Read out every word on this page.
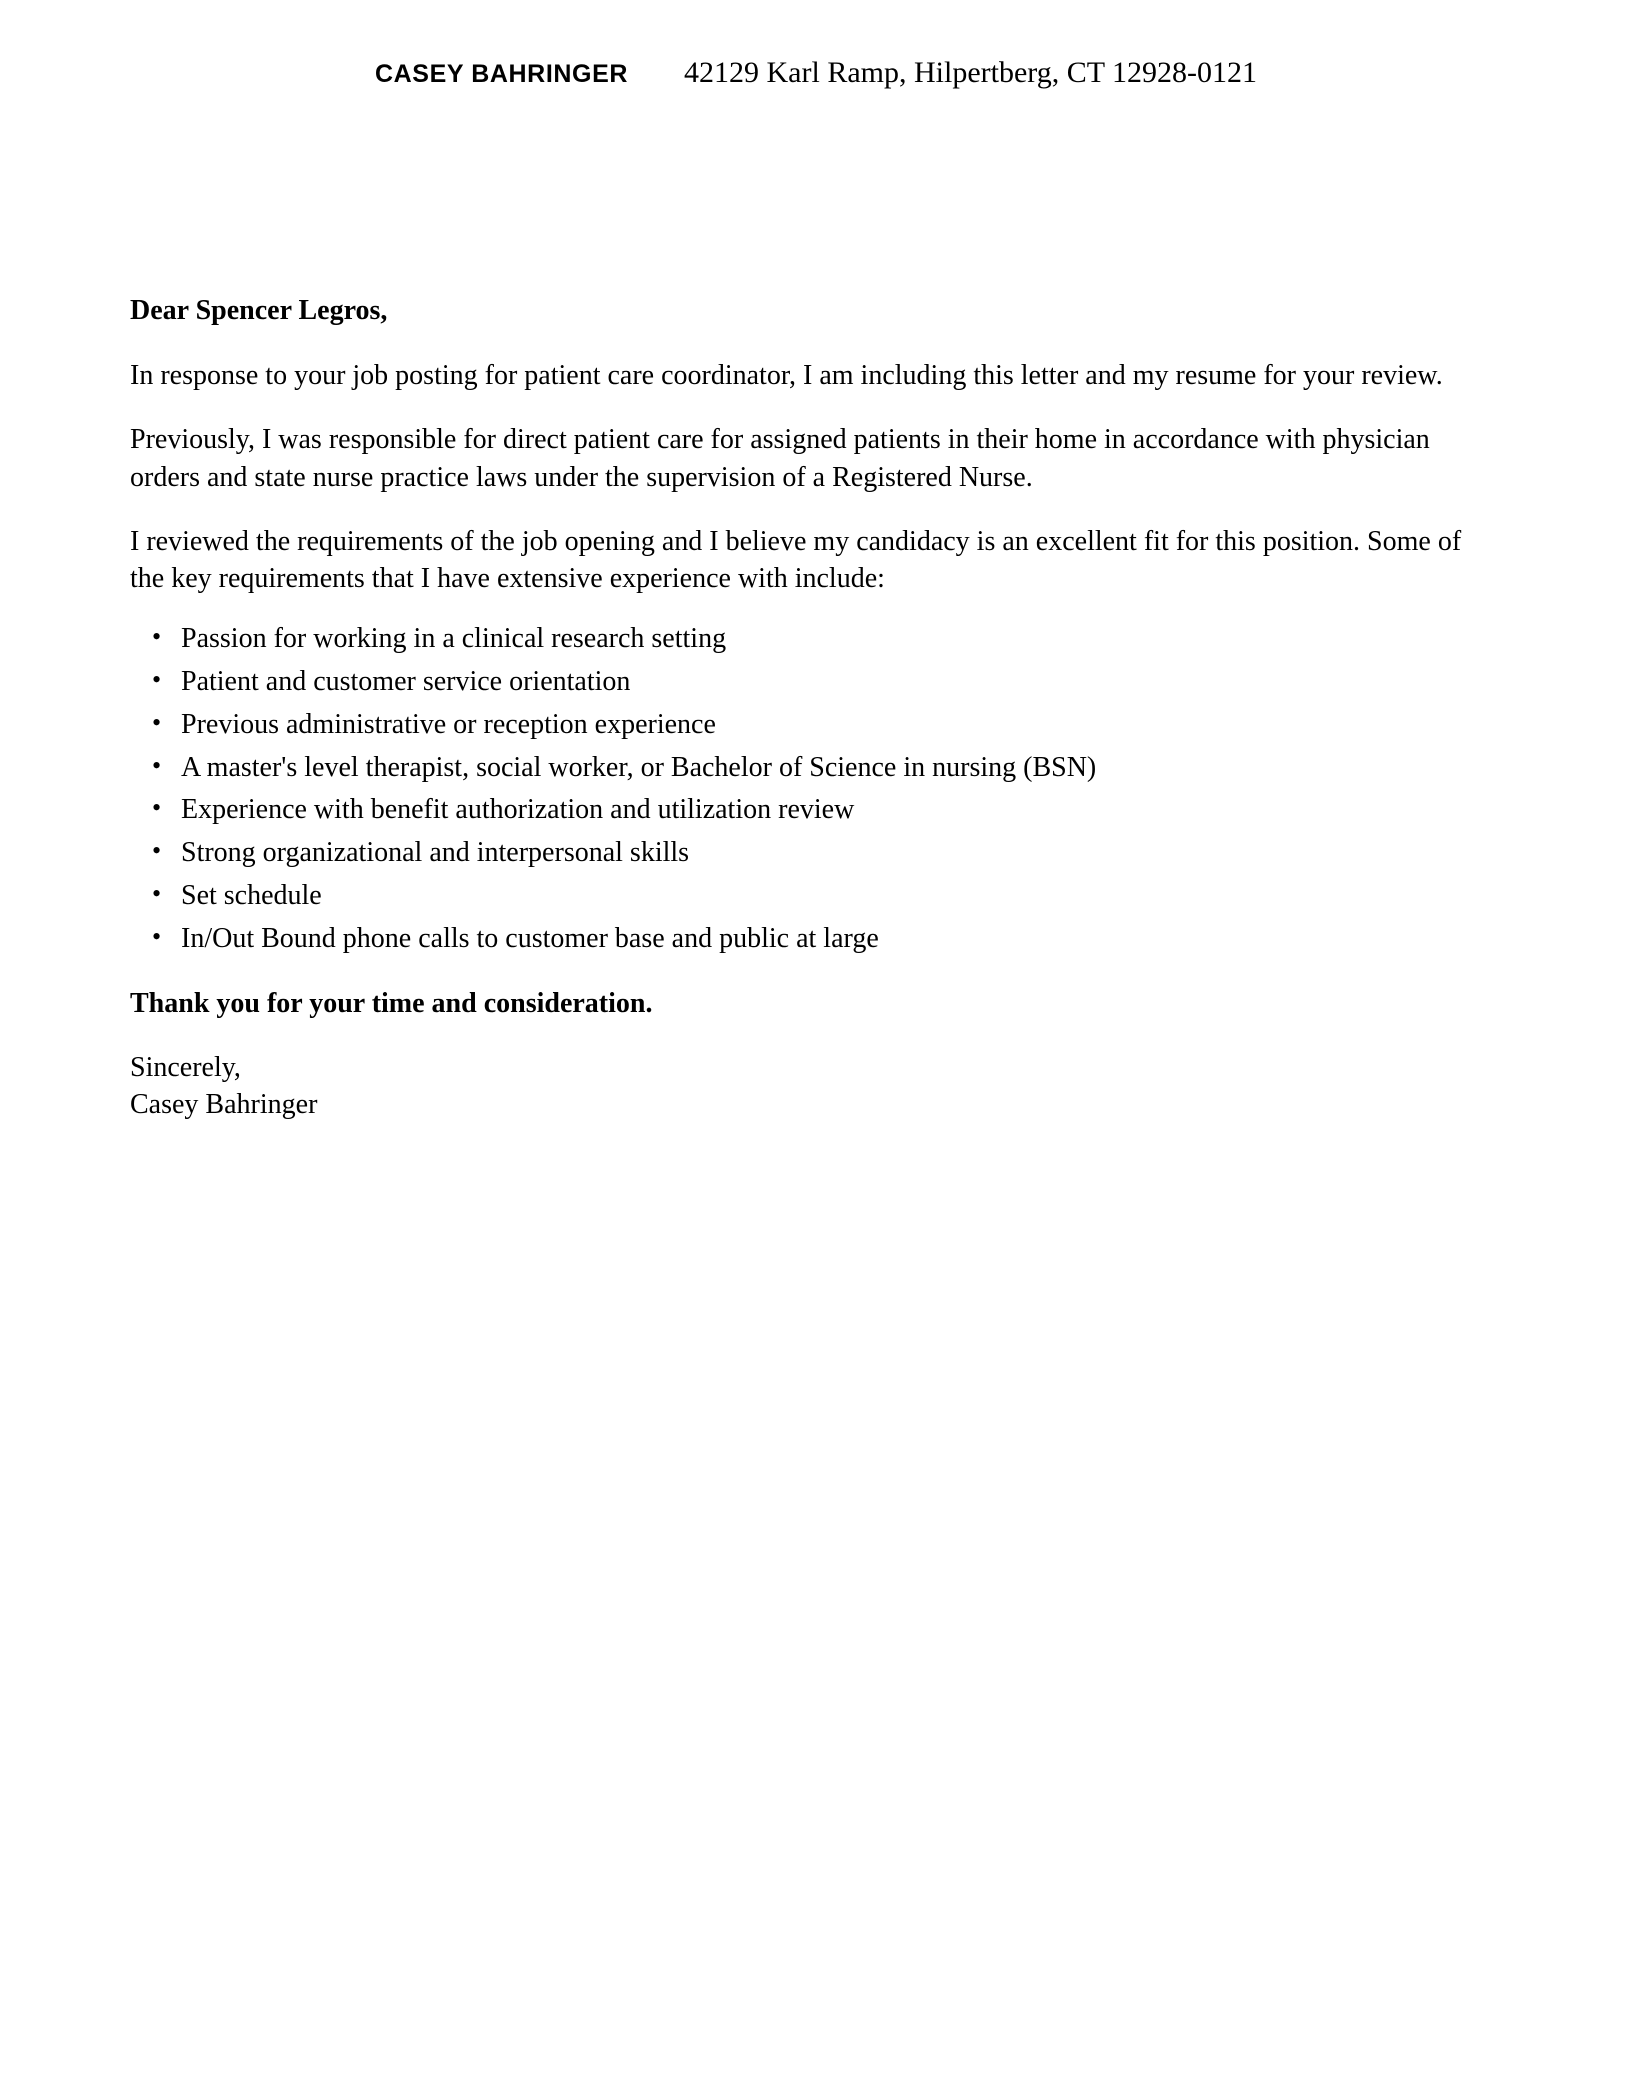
CASEY BAHRINGER 42129 Karl Ramp, Hilpertberg, CT 12928-0121

Dear Spencer Legros,

In response to your job posting for patient care coordinator, I am including this letter and my resume for your review.

Previously, I was responsible for direct patient care for assigned patients in their home in accordance with physician orders and state nurse practice laws under the supervision of a Registered Nurse.

I reviewed the requirements of the job opening and I believe my candidacy is an excellent fit for this position. Some of the key requirements that I have extensive experience with include:

• Passion for working in a clinical research setting
• Patient and customer service orientation
• Previous administrative or reception experience
• A master's level therapist, social worker, or Bachelor of Science in nursing (BSN)
• Experience with benefit authorization and utilization review
• Strong organizational and interpersonal skills
• Set schedule
• In/Out Bound phone calls to customer base and public at large

Thank you for your time and consideration.

Sincerely,
Casey Bahringer
